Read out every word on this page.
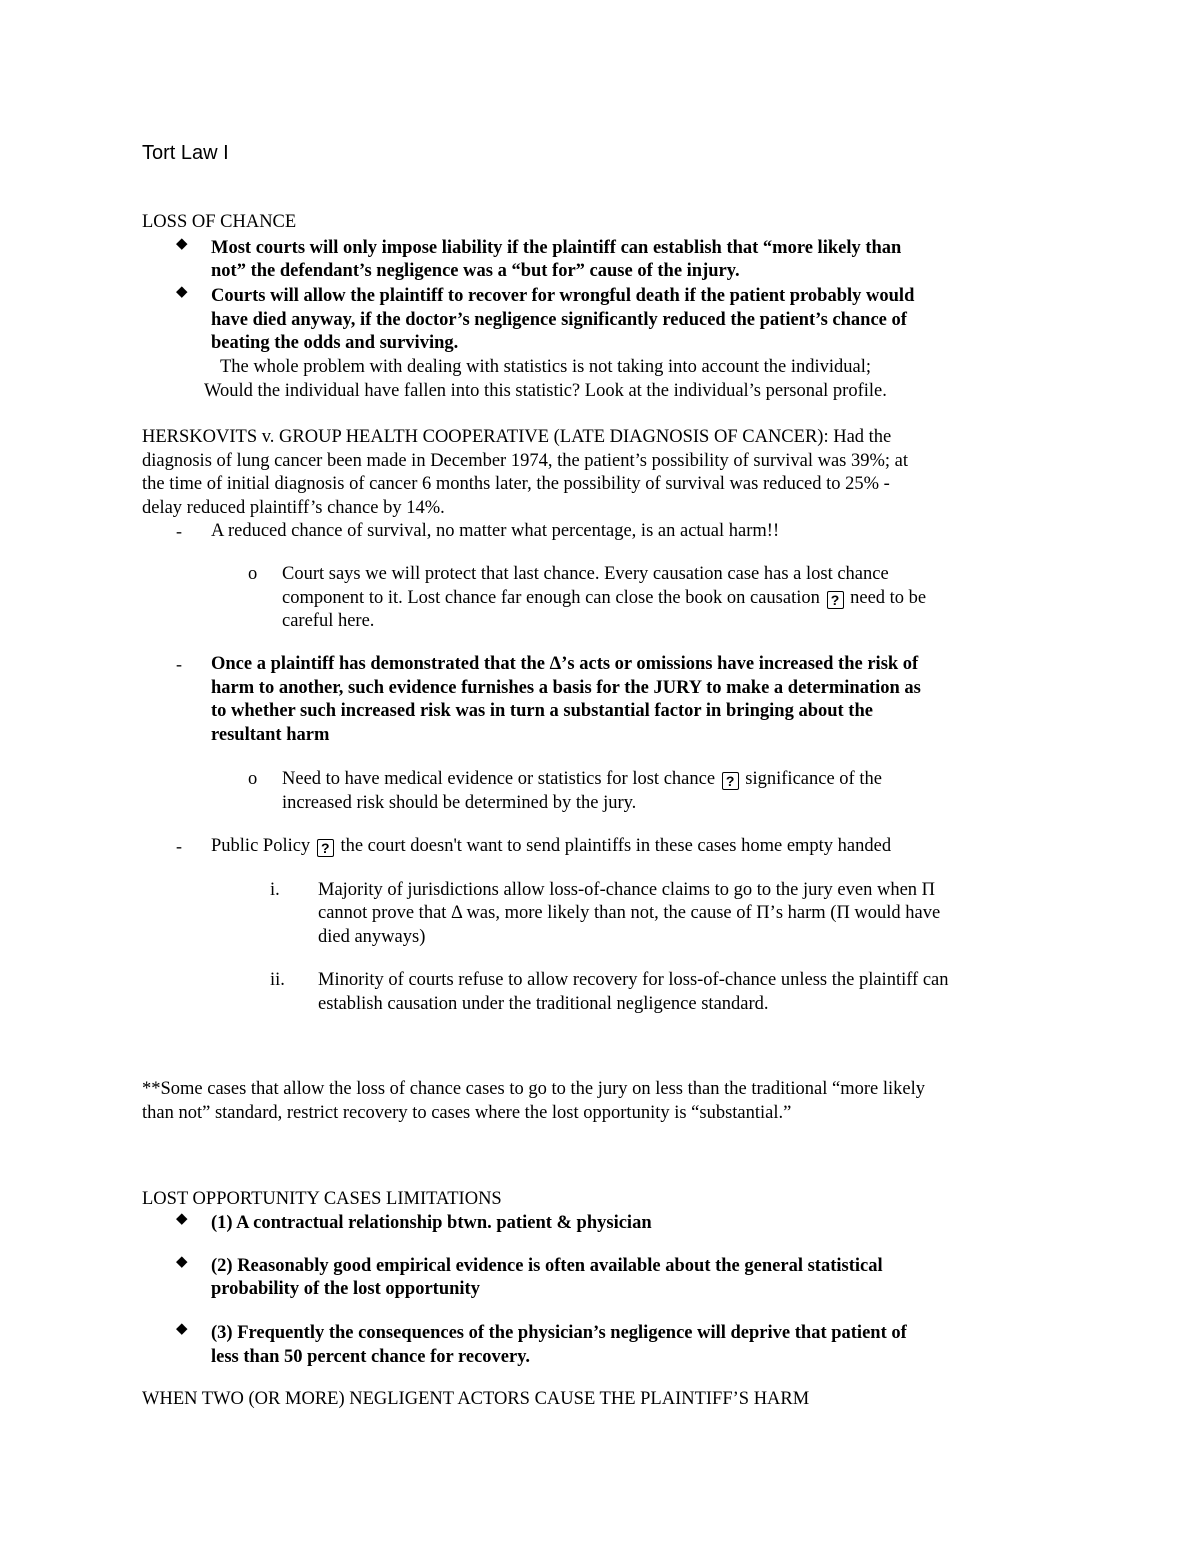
Tort Law I
LOSS OF CHANCE
◆ Most courts will only impose liability if the plaintiff can establish that “more likely than
not” the defendant’s negligence was a “but for” cause of the injury.
◆ Courts will allow the plaintiff to recover for wrongful death if the patient probably would
have died anyway, if the doctor’s negligence significantly reduced the patient’s chance of
beating the odds and surviving.
The whole problem with dealing with statistics is not taking into account the individual;
Would the individual have fallen into this statistic? Look at the individual’s personal profile.
HERSKOVITS v. GROUP HEALTH COOPERATIVE (LATE DIAGNOSIS OF CANCER): Had the
diagnosis of lung cancer been made in December 1974, the patient’s possibility of survival was 39%; at
the time of initial diagnosis of cancer 6 months later, the possibility of survival was reduced to 25% -
delay reduced plaintiff’s chance by 14%.
- A reduced chance of survival, no matter what percentage, is an actual harm!!
o Court says we will protect that last chance. Every causation case has a lost chance
component to it. Lost chance far enough can close the book on causation ? need to be
careful here.
- Once a plaintiff has demonstrated that the Δ’s acts or omissions have increased the risk of
harm to another, such evidence furnishes a basis for the JURY to make a determination as
to whether such increased risk was in turn a substantial factor in bringing about the
resultant harm
o Need to have medical evidence or statistics for lost chance ? significance of the
increased risk should be determined by the jury.
- Public Policy ? the court doesn't want to send plaintiffs in these cases home empty handed
i. Majority of jurisdictions allow loss-of-chance claims to go to the jury even when Π
cannot prove that Δ was, more likely than not, the cause of Π’s harm (Π would have
died anyways)
ii. Minority of courts refuse to allow recovery for loss-of-chance unless the plaintiff can
establish causation under the traditional negligence standard.
**Some cases that allow the loss of chance cases to go to the jury on less than the traditional “more likely
than not” standard, restrict recovery to cases where the lost opportunity is “substantial.”
LOST OPPORTUNITY CASES LIMITATIONS
◆ (1) A contractual relationship btwn. patient & physician
◆ (2) Reasonably good empirical evidence is often available about the general statistical
probability of the lost opportunity
◆ (3) Frequently the consequences of the physician’s negligence will deprive that patient of
less than 50 percent chance for recovery.
WHEN TWO (OR MORE) NEGLIGENT ACTORS CAUSE THE PLAINTIFF’S HARM
